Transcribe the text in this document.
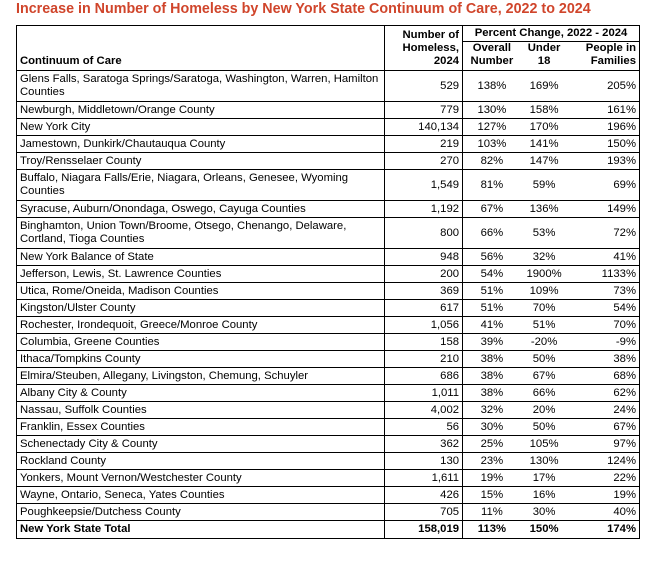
Increase in Number of Homeless by New York State Continuum of Care, 2022 to 2024
Continuum of Care	Number of Homeless, 2024	Percent Change, 2022 - 2024		
		Overall Number	Under 18	People in Families
Glens Falls, Saratoga Springs/Saratoga, Washington, Warren, Hamilton Counties	529	138%	169%	205%
Newburgh, Middletown/Orange County	779	130%	158%	161%
New York City	140,134	127%	170%	196%
Jamestown, Dunkirk/Chautauqua County	219	103%	141%	150%
Troy/Rensselaer County	270	82%	147%	193%
Buffalo, Niagara Falls/Erie, Niagara, Orleans, Genesee, Wyoming Counties	1,549	81%	59%	69%
Syracuse, Auburn/Onondaga, Oswego, Cayuga Counties	1,192	67%	136%	149%
Binghamton, Union Town/Broome, Otsego, Chenango, Delaware, Cortland, Tioga Counties	800	66%	53%	72%
New York Balance of State	948	56%	32%	41%
Jefferson, Lewis, St. Lawrence Counties	200	54%	1900%	1133%
Utica, Rome/Oneida, Madison Counties	369	51%	109%	73%
Kingston/Ulster County	617	51%	70%	54%
Rochester, Irondequoit, Greece/Monroe County	1,056	41%	51%	70%
Columbia, Greene Counties	158	39%	-20%	-9%
Ithaca/Tompkins County	210	38%	50%	38%
Elmira/Steuben, Allegany, Livingston, Chemung, Schuyler	686	38%	67%	68%
Albany City & County	1,011	38%	66%	62%
Nassau, Suffolk Counties	4,002	32%	20%	24%
Franklin, Essex Counties	56	30%	50%	67%
Schenectady City & County	362	25%	105%	97%
Rockland County	130	23%	130%	124%
Yonkers, Mount Vernon/Westchester County	1,611	19%	17%	22%
Wayne, Ontario, Seneca, Yates Counties	426	15%	16%	19%
Poughkeepsie/Dutchess County	705	11%	30%	40%
New York State Total	158,019	113%	150%	174%
